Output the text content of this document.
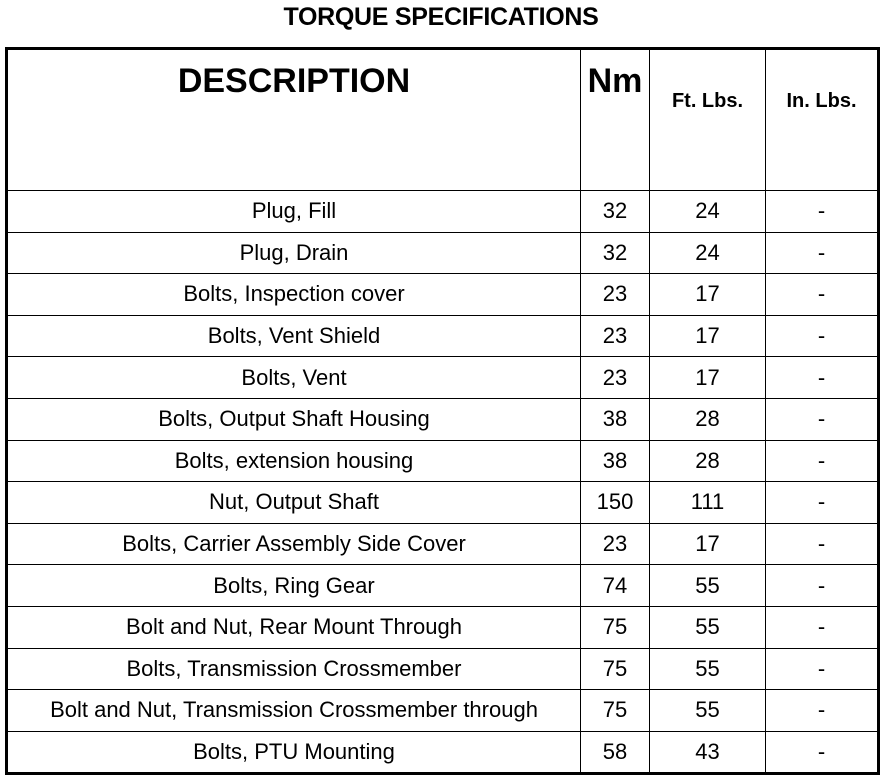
TORQUE SPECIFICATIONS
DESCRIPTION	Nm	Ft. Lbs.	In. Lbs.
Plug, Fill	32	24	-
Plug, Drain	32	24	-
Bolts, Inspection cover	23	17	-
Bolts, Vent Shield	23	17	-
Bolts, Vent	23	17	-
Bolts, Output Shaft Housing	38	28	-
Bolts, extension housing	38	28	-
Nut, Output Shaft	150	111	-
Bolts, Carrier Assembly Side Cover	23	17	-
Bolts, Ring Gear	74	55	-
Bolt and Nut, Rear Mount Through	75	55	-
Bolts, Transmission Crossmember	75	55	-
Bolt and Nut, Transmission Crossmember through	75	55	-
Bolts, PTU Mounting	58	43	-
